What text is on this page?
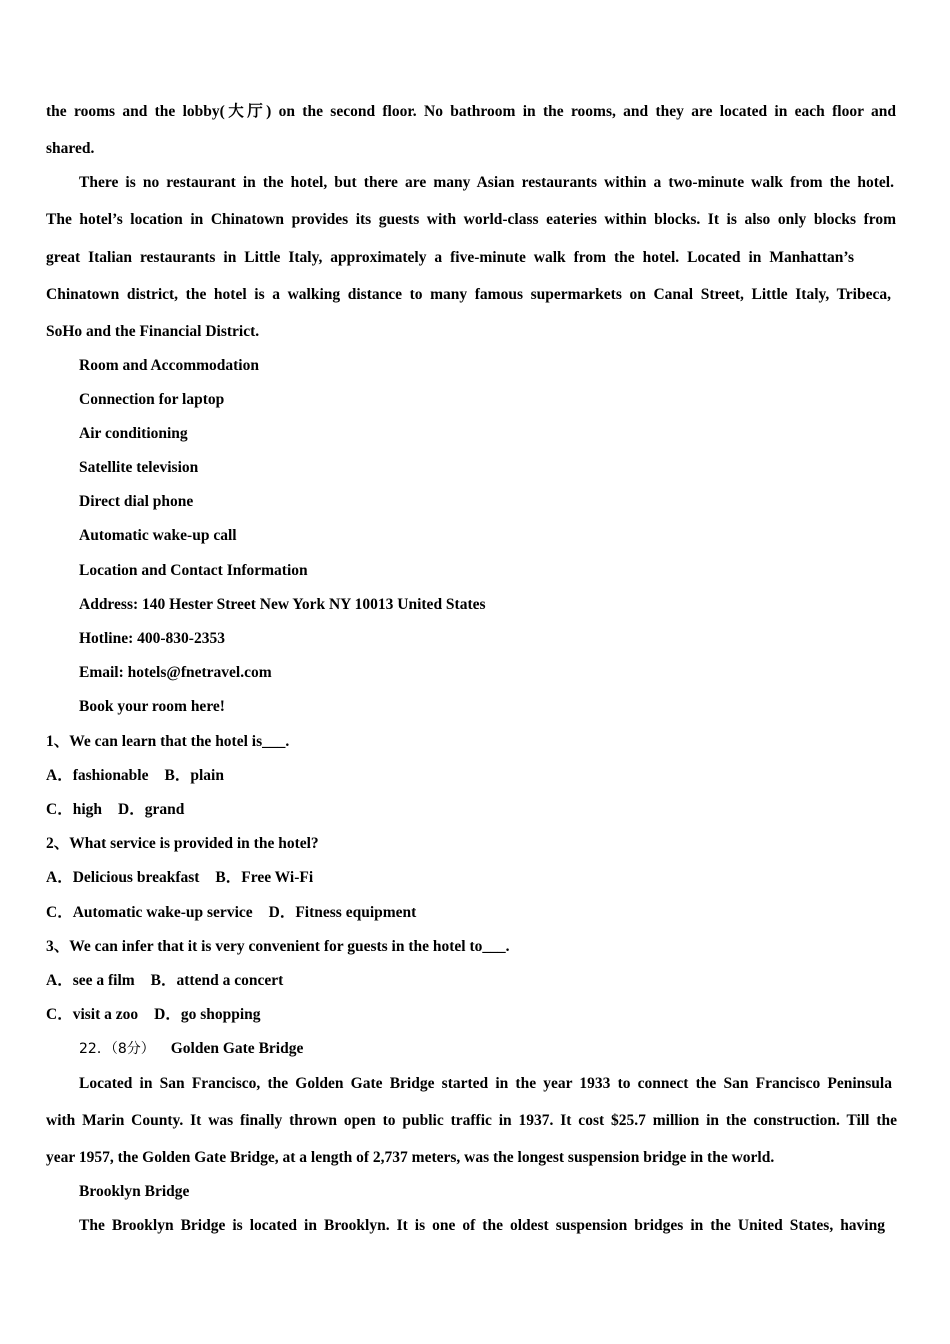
the rooms and the lobby(大厅) on the second floor. No bathroom in the rooms, and they are located in each floor and
shared.
There is no restaurant in the hotel, but there are many Asian restaurants within a two-minute walk from the hotel.
The hotel’s location in Chinatown provides its guests with world-class eateries within blocks. It is also only blocks from
great Italian restaurants in Little Italy, approximately a five-minute walk from the hotel. Located in Manhattan’s
Chinatown district, the hotel is a walking distance to many famous supermarkets on Canal Street, Little Italy, Tribeca,
SoHo and the Financial District.
Room and Accommodation
Connection for laptop
Air conditioning
Satellite television
Direct dial phone
Automatic wake-up call
Location and Contact Information
Address: 140 Hester Street New York NY 10013 United States
Hotline: 400-830-2353
Email: hotels@fnetravel.com
Book your room here!
1、We can learn that the hotel is___.
A．fashionable B．plain
C．high D．grand
2、What service is provided in the hotel?
A．Delicious breakfast B．Free Wi-Fi
C．Automatic wake-up service D．Fitness equipment
3、We can infer that it is very convenient for guests in the hotel to___.
A．see a film B．attend a concert
C．visit a zoo D．go shopping
22．（8分） Golden Gate Bridge
Located in San Francisco, the Golden Gate Bridge started in the year 1933 to connect the San Francisco Peninsula
with Marin County. It was finally thrown open to public traffic in 1937. It cost $25.7 million in the construction. Till the
year 1957, the Golden Gate Bridge, at a length of 2,737 meters, was the longest suspension bridge in the world.
Brooklyn Bridge
The Brooklyn Bridge is located in Brooklyn. It is one of the oldest suspension bridges in the United States, having
